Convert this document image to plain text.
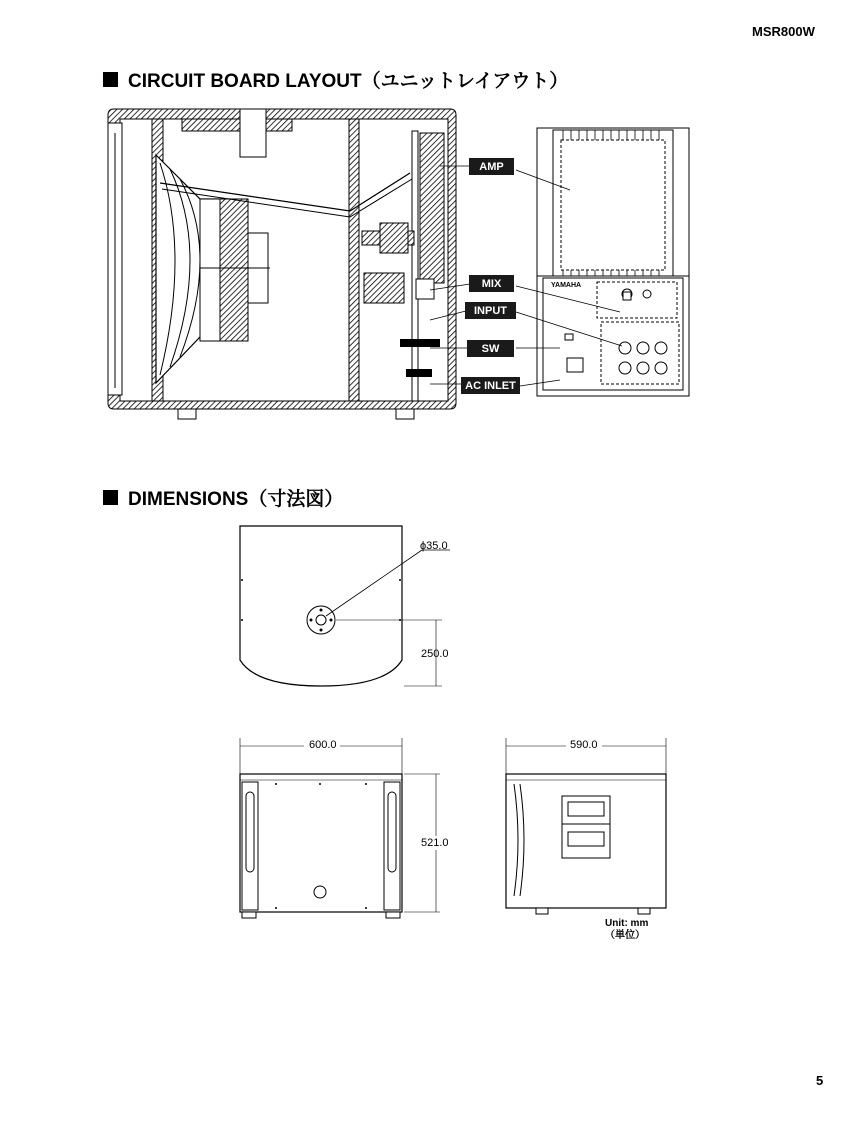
MSR800W
CIRCUIT BOARD LAYOUT（ユニットレイアウト）
YAMAHA
AMP
MIX
INPUT
SW
AC INLET
DIMENSIONS（寸法図）
ϕ35.0
250.0
600.0
521.0
590.0
Unit: mm
（単位）
5
